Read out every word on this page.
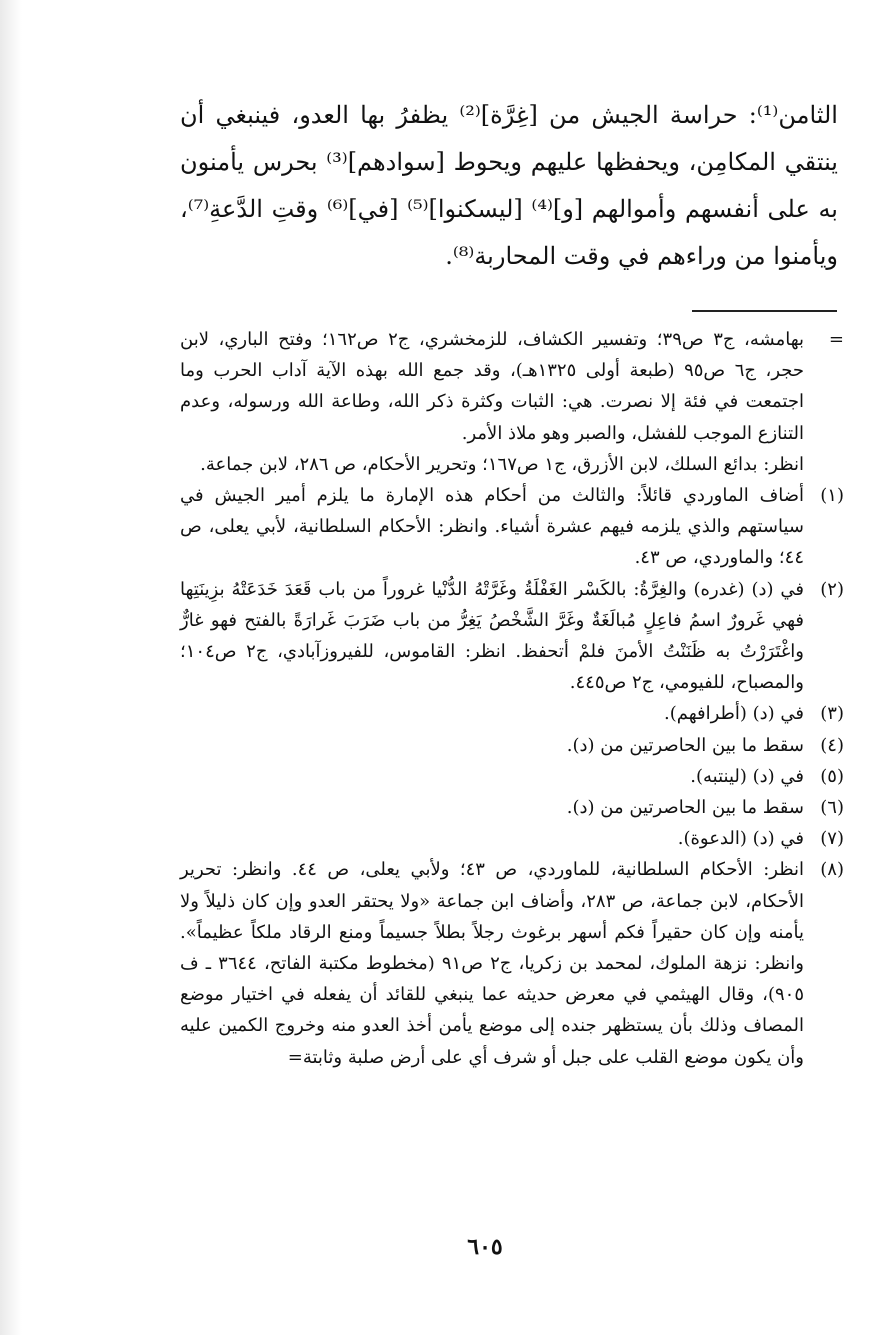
الثامن⁽¹⁾: حراسة الجيش من [غِرَّة]⁽²⁾ يظفرُ بها العدو، فينبغي أن ينتقي المكامِن، ويحفظها عليهم ويحوط [سوادهم]⁽³⁾ بحرس يأمنون به على أنفسهم وأموالهم [و]⁽⁴⁾ [ليسكنوا]⁽⁵⁾ [في]⁽⁶⁾ وقتِ الدَّعةِ⁽⁷⁾، ويأمنوا من وراءهم في وقت المحاربة⁽⁸⁾.

=

بهامشه، ج٣ ص٣٩؛ وتفسير الكشاف، للزمخشري، ج٢ ص١٦٢؛ وفتح الباري، لابن حجر، ج٦ ص٩٥ (طبعة أولى ١٣٢٥هـ)، وقد جمع الله بهذه الآية آداب الحرب وما اجتمعت في فئة إلا نصرت. هي: الثبات وكثرة ذكر الله، وطاعة الله ورسوله، وعدم التنازع الموجب للفشل، والصبر وهو ملاذ الأمر.

انظر: بدائع السلك، لابن الأزرق، ج١ ص١٦٧؛ وتحرير الأحكام، ص ٢٨٦، لابن جماعة.

(١)

أضاف الماوردي قائلاً: والثالث من أحكام هذه الإمارة ما يلزم أمير الجيش في سياستهم والذي يلزمه فيهم عشرة أشياء. وانظر: الأحكام السلطانية، لأبي يعلى، ص ٤٤؛ والماوردي، ص ٤٣.

(٢)

في (د) (غدره) والغِرَّةُ: بالكَسْر الغَفْلَةُ وغَرَّتْهُ الدُّنْيا غروراً من باب قَعَدَ خَدَعَتْهُ بزِينَتِها فهي غَرورٌ اسمُ فاعِلٍ مُبالَغَةٌ وغَرَّ الشَّخْصُ يَغِرُّ من باب ضَرَبَ غَرارَةً بالفتح فهو غارٌّ واغْتَرَرْتُ به ظَنَنْتُ الأمنَ فلمْ أتحفظ. انظر: القاموس، للفيروزآبادي، ج٢ ص١٠٤؛ والمصباح، للفيومي، ج٢ ص٤٤٥.

(٣)

في (د) (أطرافهم).

(٤)

سقط ما بين الحاصرتين من (د).

(٥)

في (د) (لينتبه).

(٦)

سقط ما بين الحاصرتين من (د).

(٧)

في (د) (الدعوة).

(٨)

انظر: الأحكام السلطانية، للماوردي، ص ٤٣؛ ولأبي يعلى، ص ٤٤. وانظر: تحرير الأحكام، لابن جماعة، ص ٢٨٣، وأضاف ابن جماعة «ولا يحتقر العدو وإن كان ذليلاً ولا يأمنه وإن كان حقيراً فكم أسهر برغوث رجلاً بطلاً جسيماً ومنع الرقاد ملكاً عظيماً». وانظر: نزهة الملوك، لمحمد بن زكريا، ج٢ ص٩١ (مخطوط مكتبة الفاتح، ٣٦٤٤ ـ ف ٩٠٥)، وقال الهيثمي في معرض حديثه عما ينبغي للقائد أن يفعله في اختيار موضع المصاف وذلك بأن يستظهر جنده إلى موضع يأمن أخذ العدو منه وخروج الكمين عليه وأن يكون موضع القلب على جبل أو شرف أي على أرض صلبة وثابتة=

٦٠٥
